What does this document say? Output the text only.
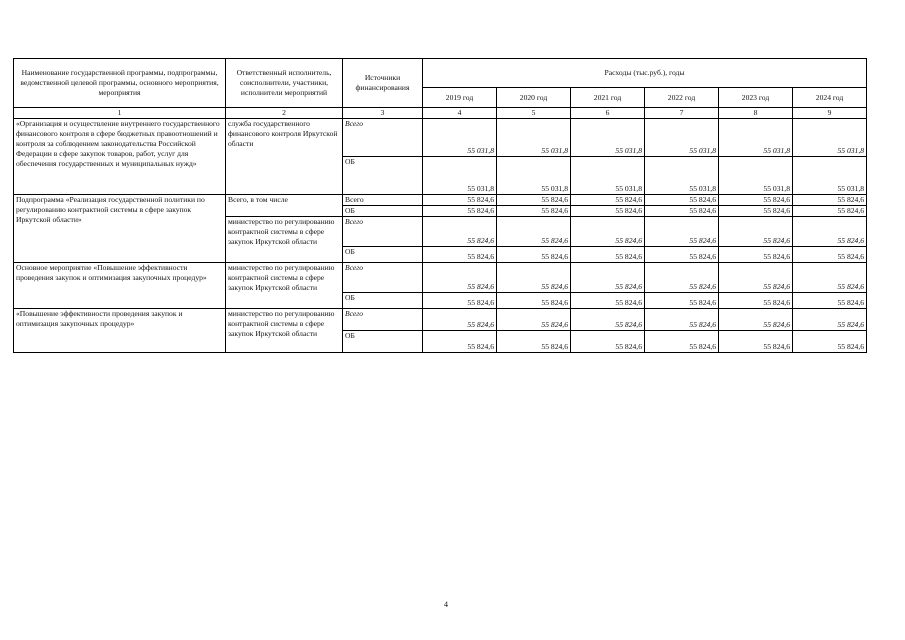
Наименование государственной программы, подпрограммы, ведомственной целевой программы, основного мероприятия, мероприятия	Ответственный исполнитель, соисполнители, участники, исполнители мероприятий	Источники финансирования	Расходы (тыс.руб.), годы					
			2019 год	2020 год	2021 год	2022 год	2023 год	2024 год
1	2	3	4	5	6	7	8	9
«Организация и осуществление внутреннего государственного финансового контроля в сфере бюджетных правоотношений и контроля за соблюдением законодательства Российской Федерации в сфере закупок товаров, работ, услуг для обеспечения государственных и муниципальных нужд»	служба государственного финансового контроля Иркутской области	Всего	55 031,8	55 031,8	55 031,8	55 031,8	55 031,8	55 031,8
		ОБ	55 031,8	55 031,8	55 031,8	55 031,8	55 031,8	55 031,8
Подпрограмма «Реализация государственной политики по регулированию контрактной системы в сфере закупок Иркутской области»	Всего, в том числе	Всего	55 824,6	55 824,6	55 824,6	55 824,6	55 824,6	55 824,6
		ОБ	55 824,6	55 824,6	55 824,6	55 824,6	55 824,6	55 824,6
	министерство по регулированию контрактной системы в сфере закупок Иркутской области	Всего	55 824,6	55 824,6	55 824,6	55 824,6	55 824,6	55 824,6
		ОБ	55 824,6	55 824,6	55 824,6	55 824,6	55 824,6	55 824,6
Основное мероприятие «Повышение эффективности проведения закупок и оптимизация закупочных процедур»	министерство по регулированию контрактной системы в сфере закупок Иркутской области	Всего	55 824,6	55 824,6	55 824,6	55 824,6	55 824,6	55 824,6
		ОБ	55 824,6	55 824,6	55 824,6	55 824,6	55 824,6	55 824,6
«Повышение эффективности проведения закупок и оптимизация закупочных процедур»	министерство по регулированию контрактной системы в сфере закупок Иркутской области	Всего	55 824,6	55 824,6	55 824,6	55 824,6	55 824,6	55 824,6
		ОБ	55 824,6	55 824,6	55 824,6	55 824,6	55 824,6	55 824,6
4
